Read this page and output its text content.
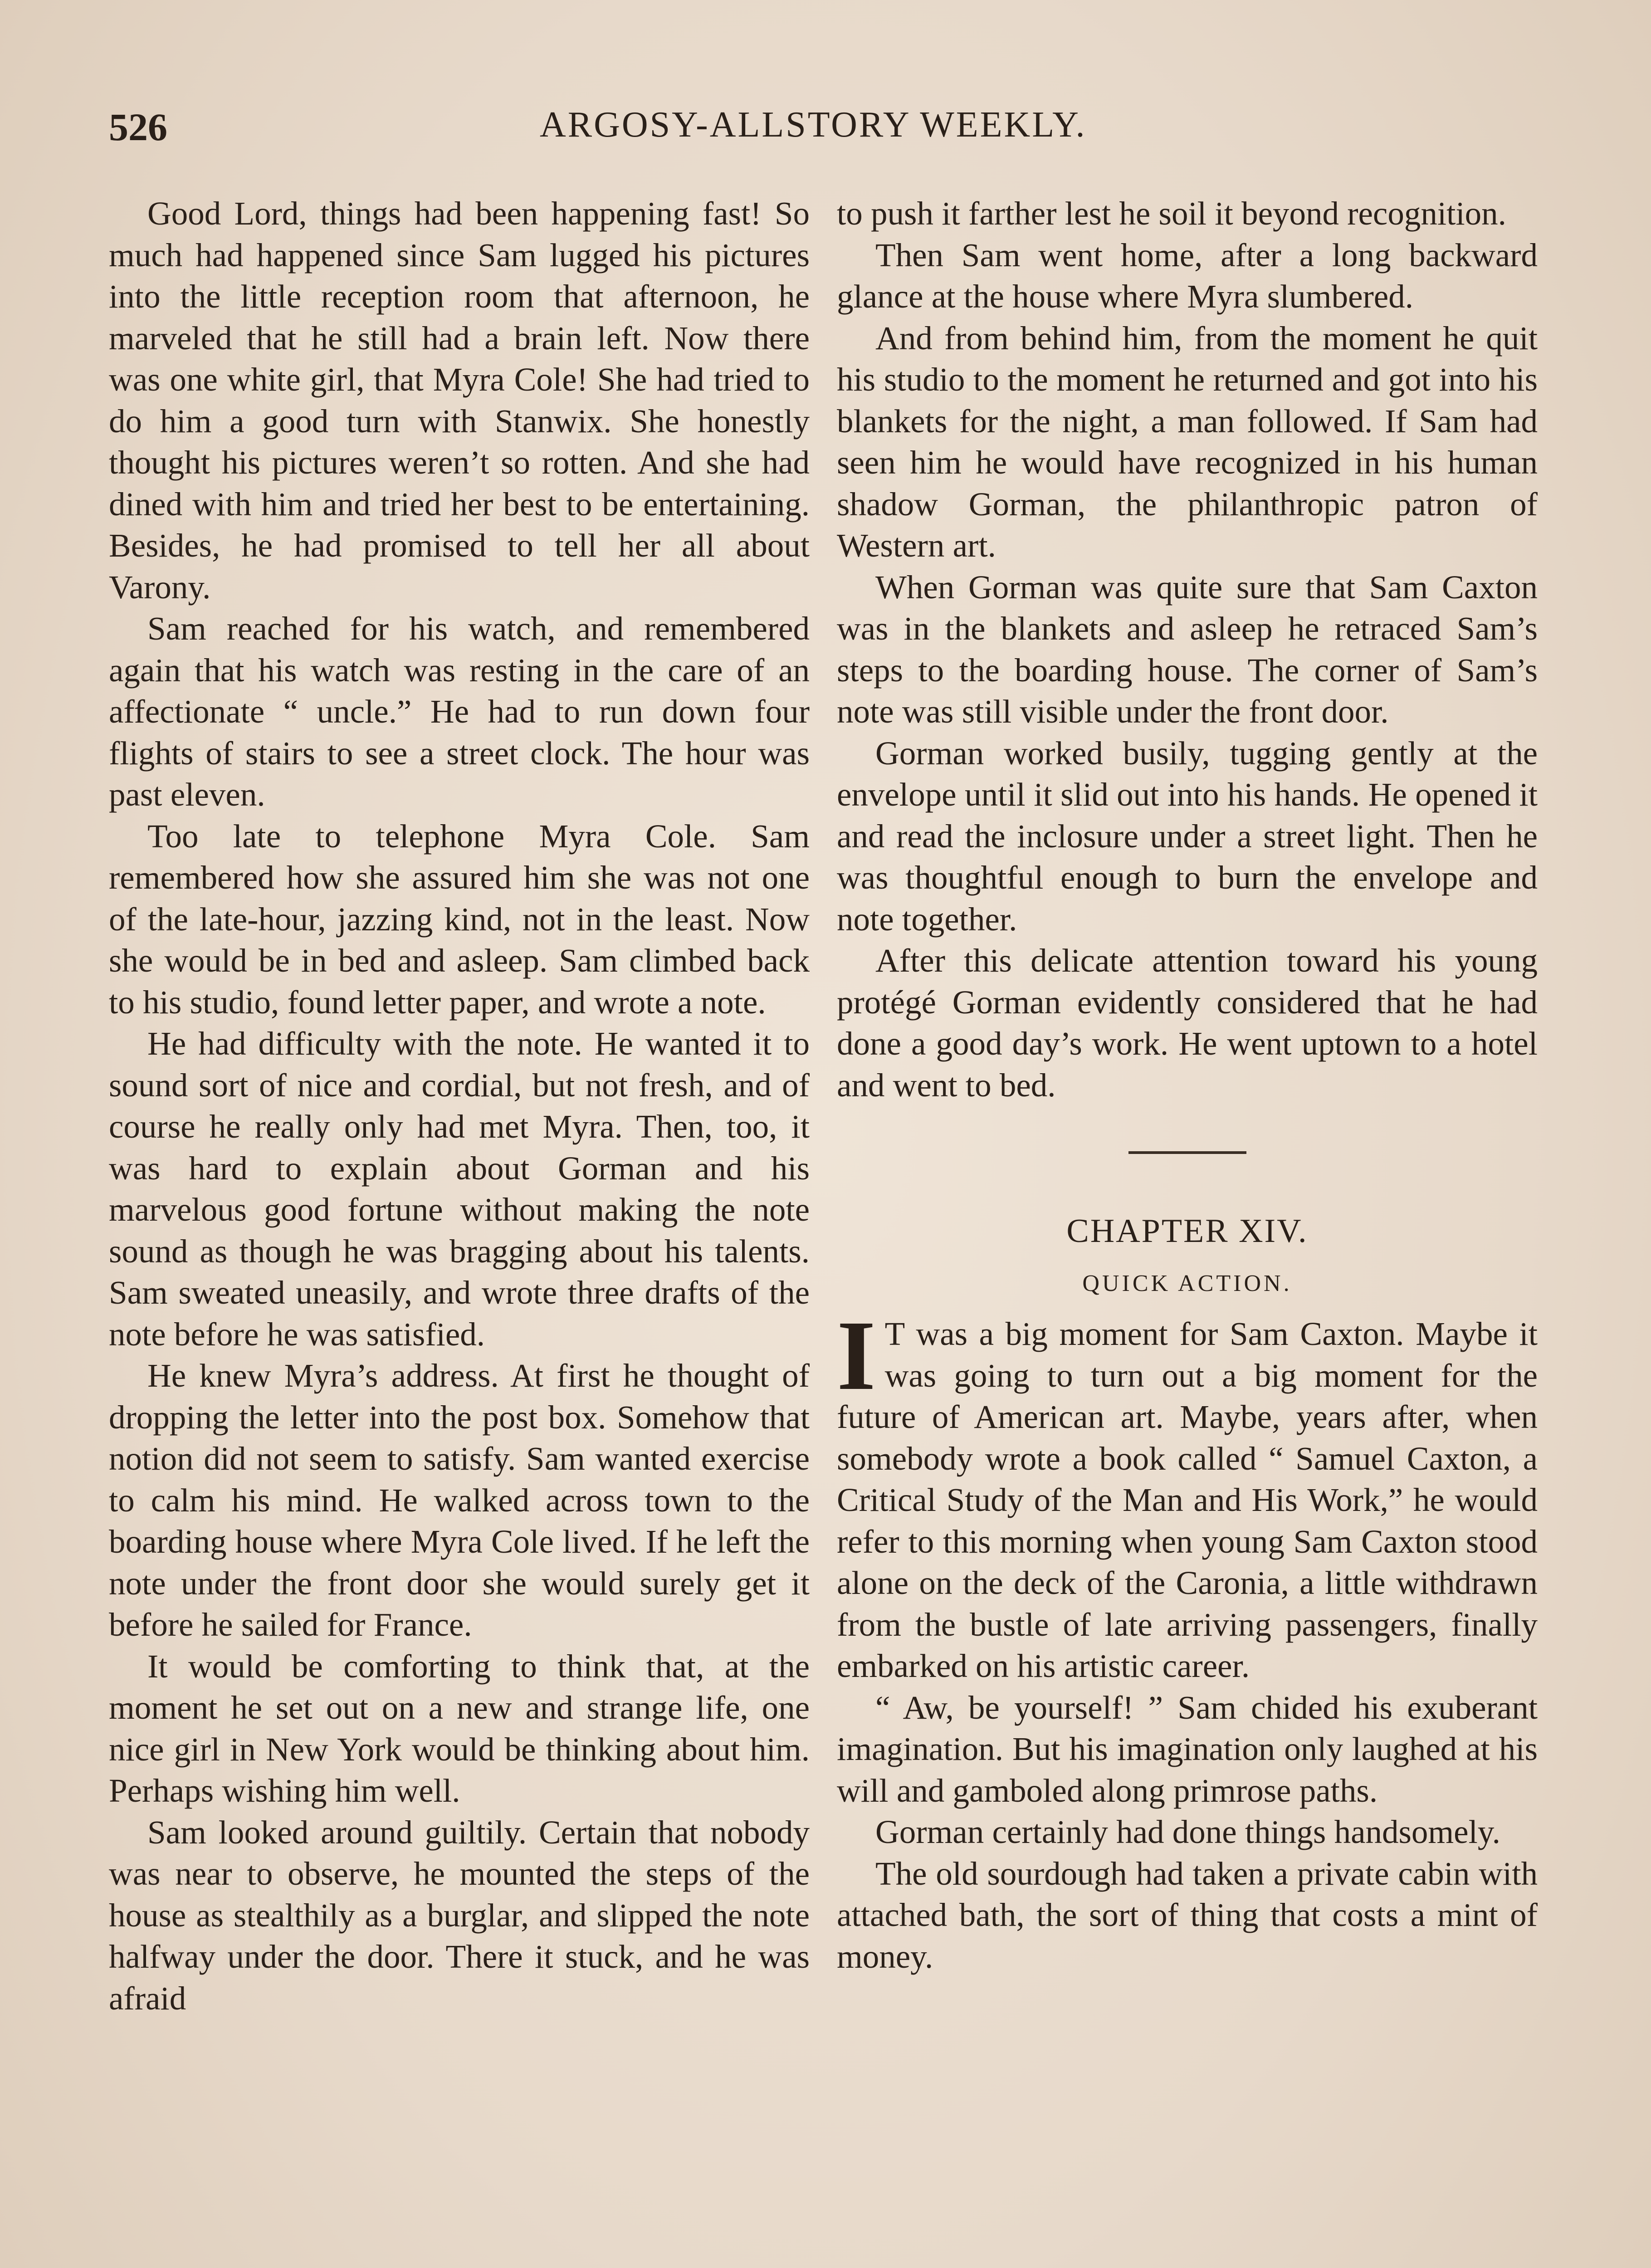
526	ARGOSY-ALLSTORY WEEKLY.

Good Lord, things had been happening fast! So much had happened since Sam lugged his pictures into the little reception room that afternoon, he marveled that he still had a brain left. Now there was one white girl, that Myra Cole! She had tried to do him a good turn with Stanwix. She honestly thought his pictures weren’t so rotten. And she had dined with him and tried her best to be entertaining. Besides, he had promised to tell her all about Varony.

Sam reached for his watch, and remembered again that his watch was resting in the care of an affectionate “ uncle.” He had to run down four flights of stairs to see a street clock. The hour was past eleven.

Too late to telephone Myra Cole. Sam remembered how she assured him she was not one of the late-hour, jazzing kind, not in the least. Now she would be in bed and asleep. Sam climbed back to his studio, found letter paper, and wrote a note.

He had difficulty with the note. He wanted it to sound sort of nice and cordial, but not fresh, and of course he really only had met Myra. Then, too, it was hard to explain about Gorman and his marvelous good fortune without making the note sound as though he was bragging about his talents. Sam sweated uneasily, and wrote three drafts of the note before he was satisfied.

He knew Myra’s address. At first he thought of dropping the letter into the post box. Somehow that notion did not seem to satisfy. Sam wanted exercise to calm his mind. He walked across town to the boarding house where Myra Cole lived. If he left the note under the front door she would surely get it before he sailed for France.

It would be comforting to think that, at the moment he set out on a new and strange life, one nice girl in New York would be thinking about him. Perhaps wishing him well.

Sam looked around guiltily. Certain that nobody was near to observe, he mounted the steps of the house as stealthily as a burglar, and slipped the note halfway under the door. There it stuck, and he was afraid

to push it farther lest he soil it beyond recognition.

Then Sam went home, after a long backward glance at the house where Myra slumbered.

And from behind him, from the moment he quit his studio to the moment he returned and got into his blankets for the night, a man followed. If Sam had seen him he would have recognized in his human shadow Gorman, the philanthropic patron of Western art.

When Gorman was quite sure that Sam Caxton was in the blankets and asleep he retraced Sam’s steps to the boarding house. The corner of Sam’s note was still visible under the front door.

Gorman worked busily, tugging gently at the envelope until it slid out into his hands. He opened it and read the inclosure under a street light. Then he was thoughtful enough to burn the envelope and note together.

After this delicate attention toward his young protégé Gorman evidently considered that he had done a good day’s work. He went uptown to a hotel and went to bed.

CHAPTER XIV.
QUICK ACTION.

I T was a big moment for Sam Caxton. Maybe it was going to turn out a big moment for the future of American art. Maybe, years after, when somebody wrote a book called “ Samuel Caxton, a Critical Study of the Man and His Work,” he would refer to this morning when young Sam Caxton stood alone on the deck of the Caronia, a little withdrawn from the bustle of late arriving passengers, finally embarked on his artistic career.

“ Aw, be yourself! ” Sam chided his exuberant imagination. But his imagination only laughed at his will and gamboled along primrose paths.

Gorman certainly had done things handsomely.

The old sourdough had taken a private cabin with attached bath, the sort of thing that costs a mint of money.
